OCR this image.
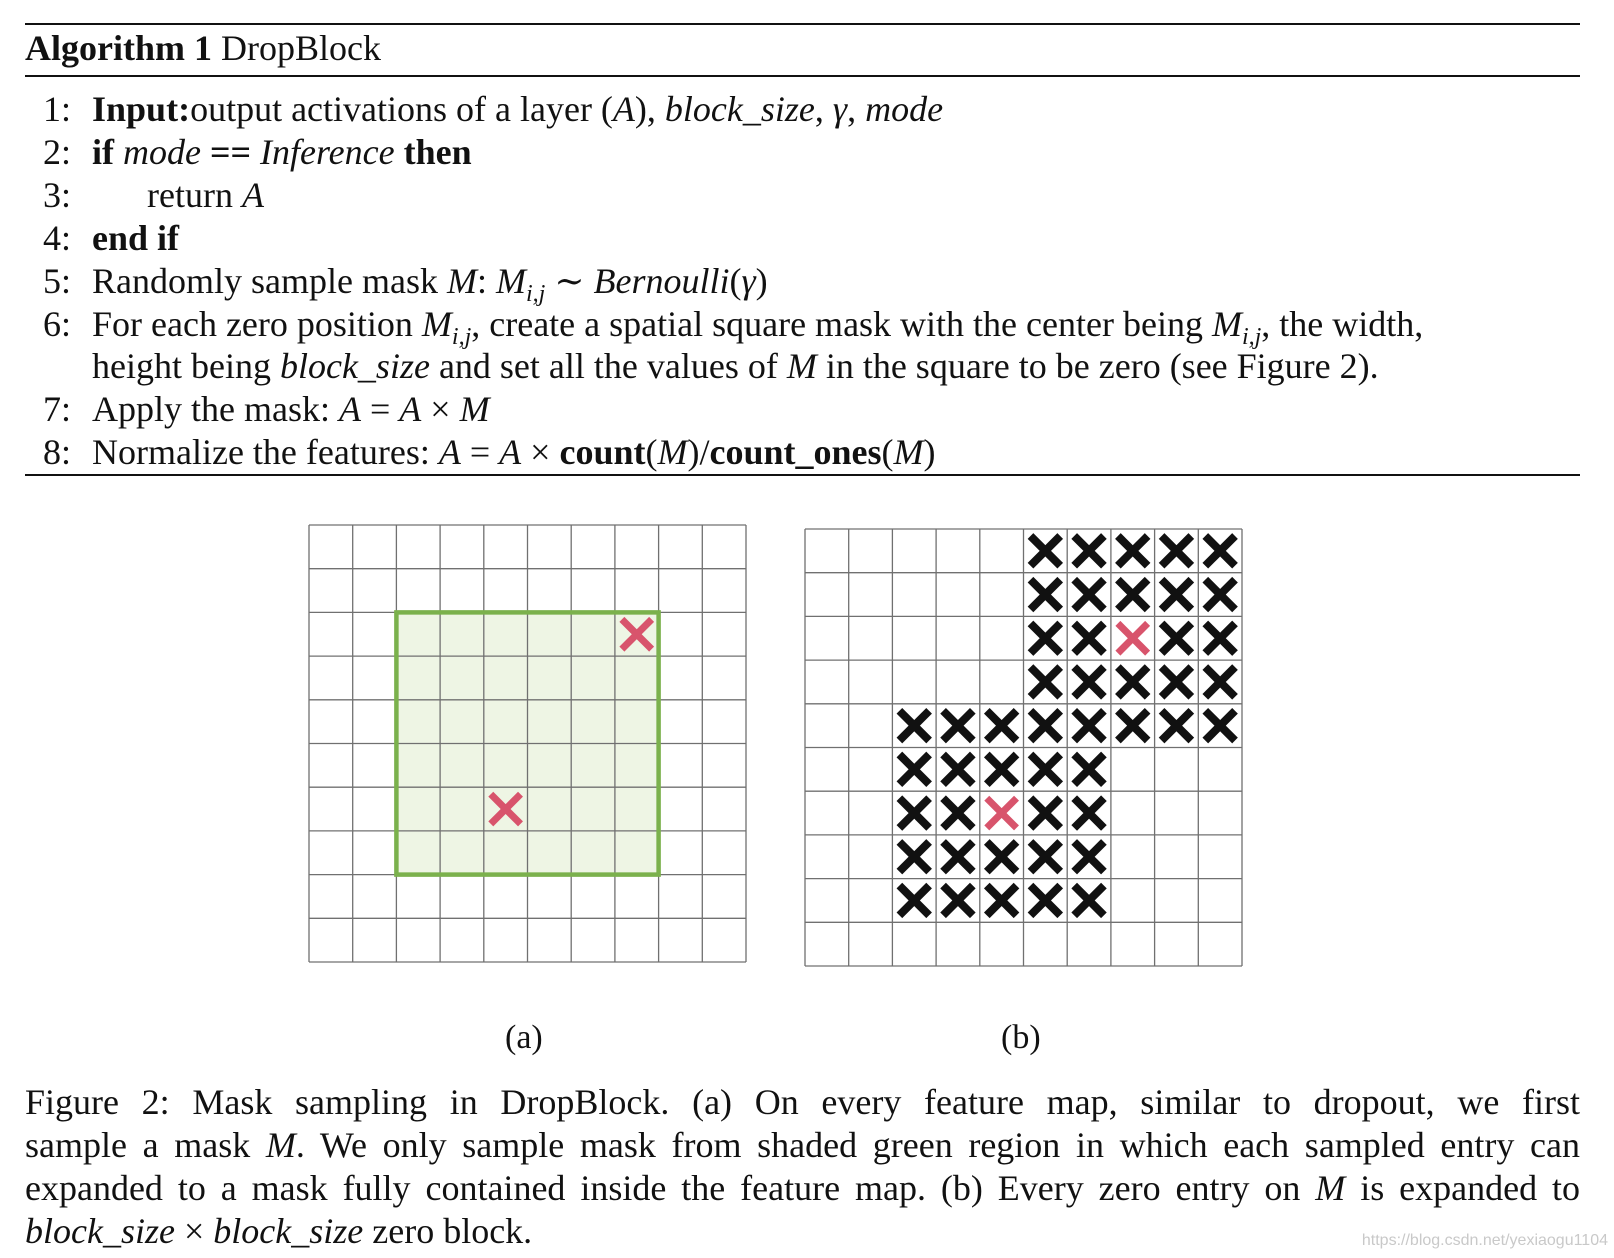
Algorithm 1 DropBlock
1: Input:output activations of a layer (A), block_size, γ, mode
2: if mode == Inference then
3:	return A
4: end if
5: Randomly sample mask M: $M_{i,j}$ ∼ Bernoulli(γ)
6: For each zero position $M_{i,j}$, create a spatial square mask with the center being $M_{i,j}$, the width,
height being block_size and set all the values of M in the square to be zero (see Figure 2).
7: Apply the mask: A = A × M
8: Normalize the features: A = A × count(M)/count_ones(M)
(a)	(b)
Figure 2: Mask sampling in DropBlock. (a) On every feature map, similar to dropout, we first
sample a mask M. We only sample mask from shaded green region in which each sampled entry can
expanded to a mask fully contained inside the feature map. (b) Every zero entry on M is expanded to
block_size × block_size zero block.	https://blog.csdn.net/yexiaogu1104
